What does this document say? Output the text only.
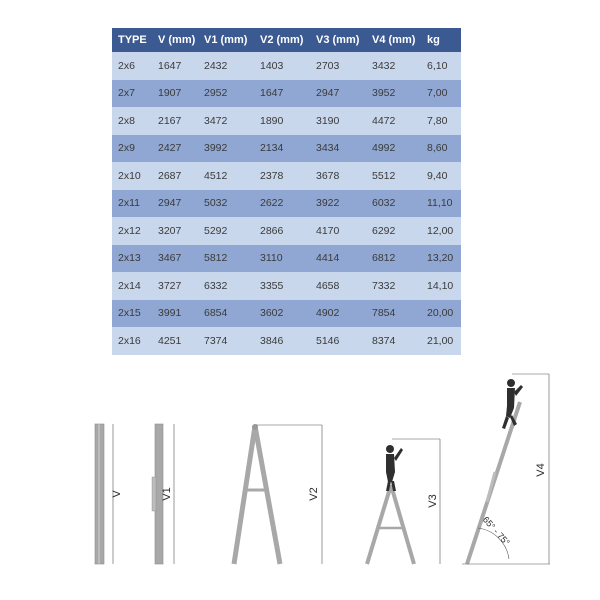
TYPE	V (mm)	V1 (mm)	V2 (mm)	V3 (mm)	V4 (mm)	kg
2x6	1647	2432	1403	2703	3432	6,10
2x7	1907	2952	1647	2947	3952	7,00
2x8	2167	3472	1890	3190	4472	7,80
2x9	2427	3992	2134	3434	4992	8,60
2x10	2687	4512	2378	3678	5512	9,40
2x11	2947	5032	2622	3922	6032	11,10
2x12	3207	5292	2866	4170	6292	12,00
2x13	3467	5812	3110	4414	6812	13,20
2x14	3727	6332	3355	4658	7332	14,10
2x15	3991	6854	3602	4902	7854	20,00
2x16	4251	7374	3846	5146	8374	21,00
V	V1	V2
V3
V4
65° - 75°
